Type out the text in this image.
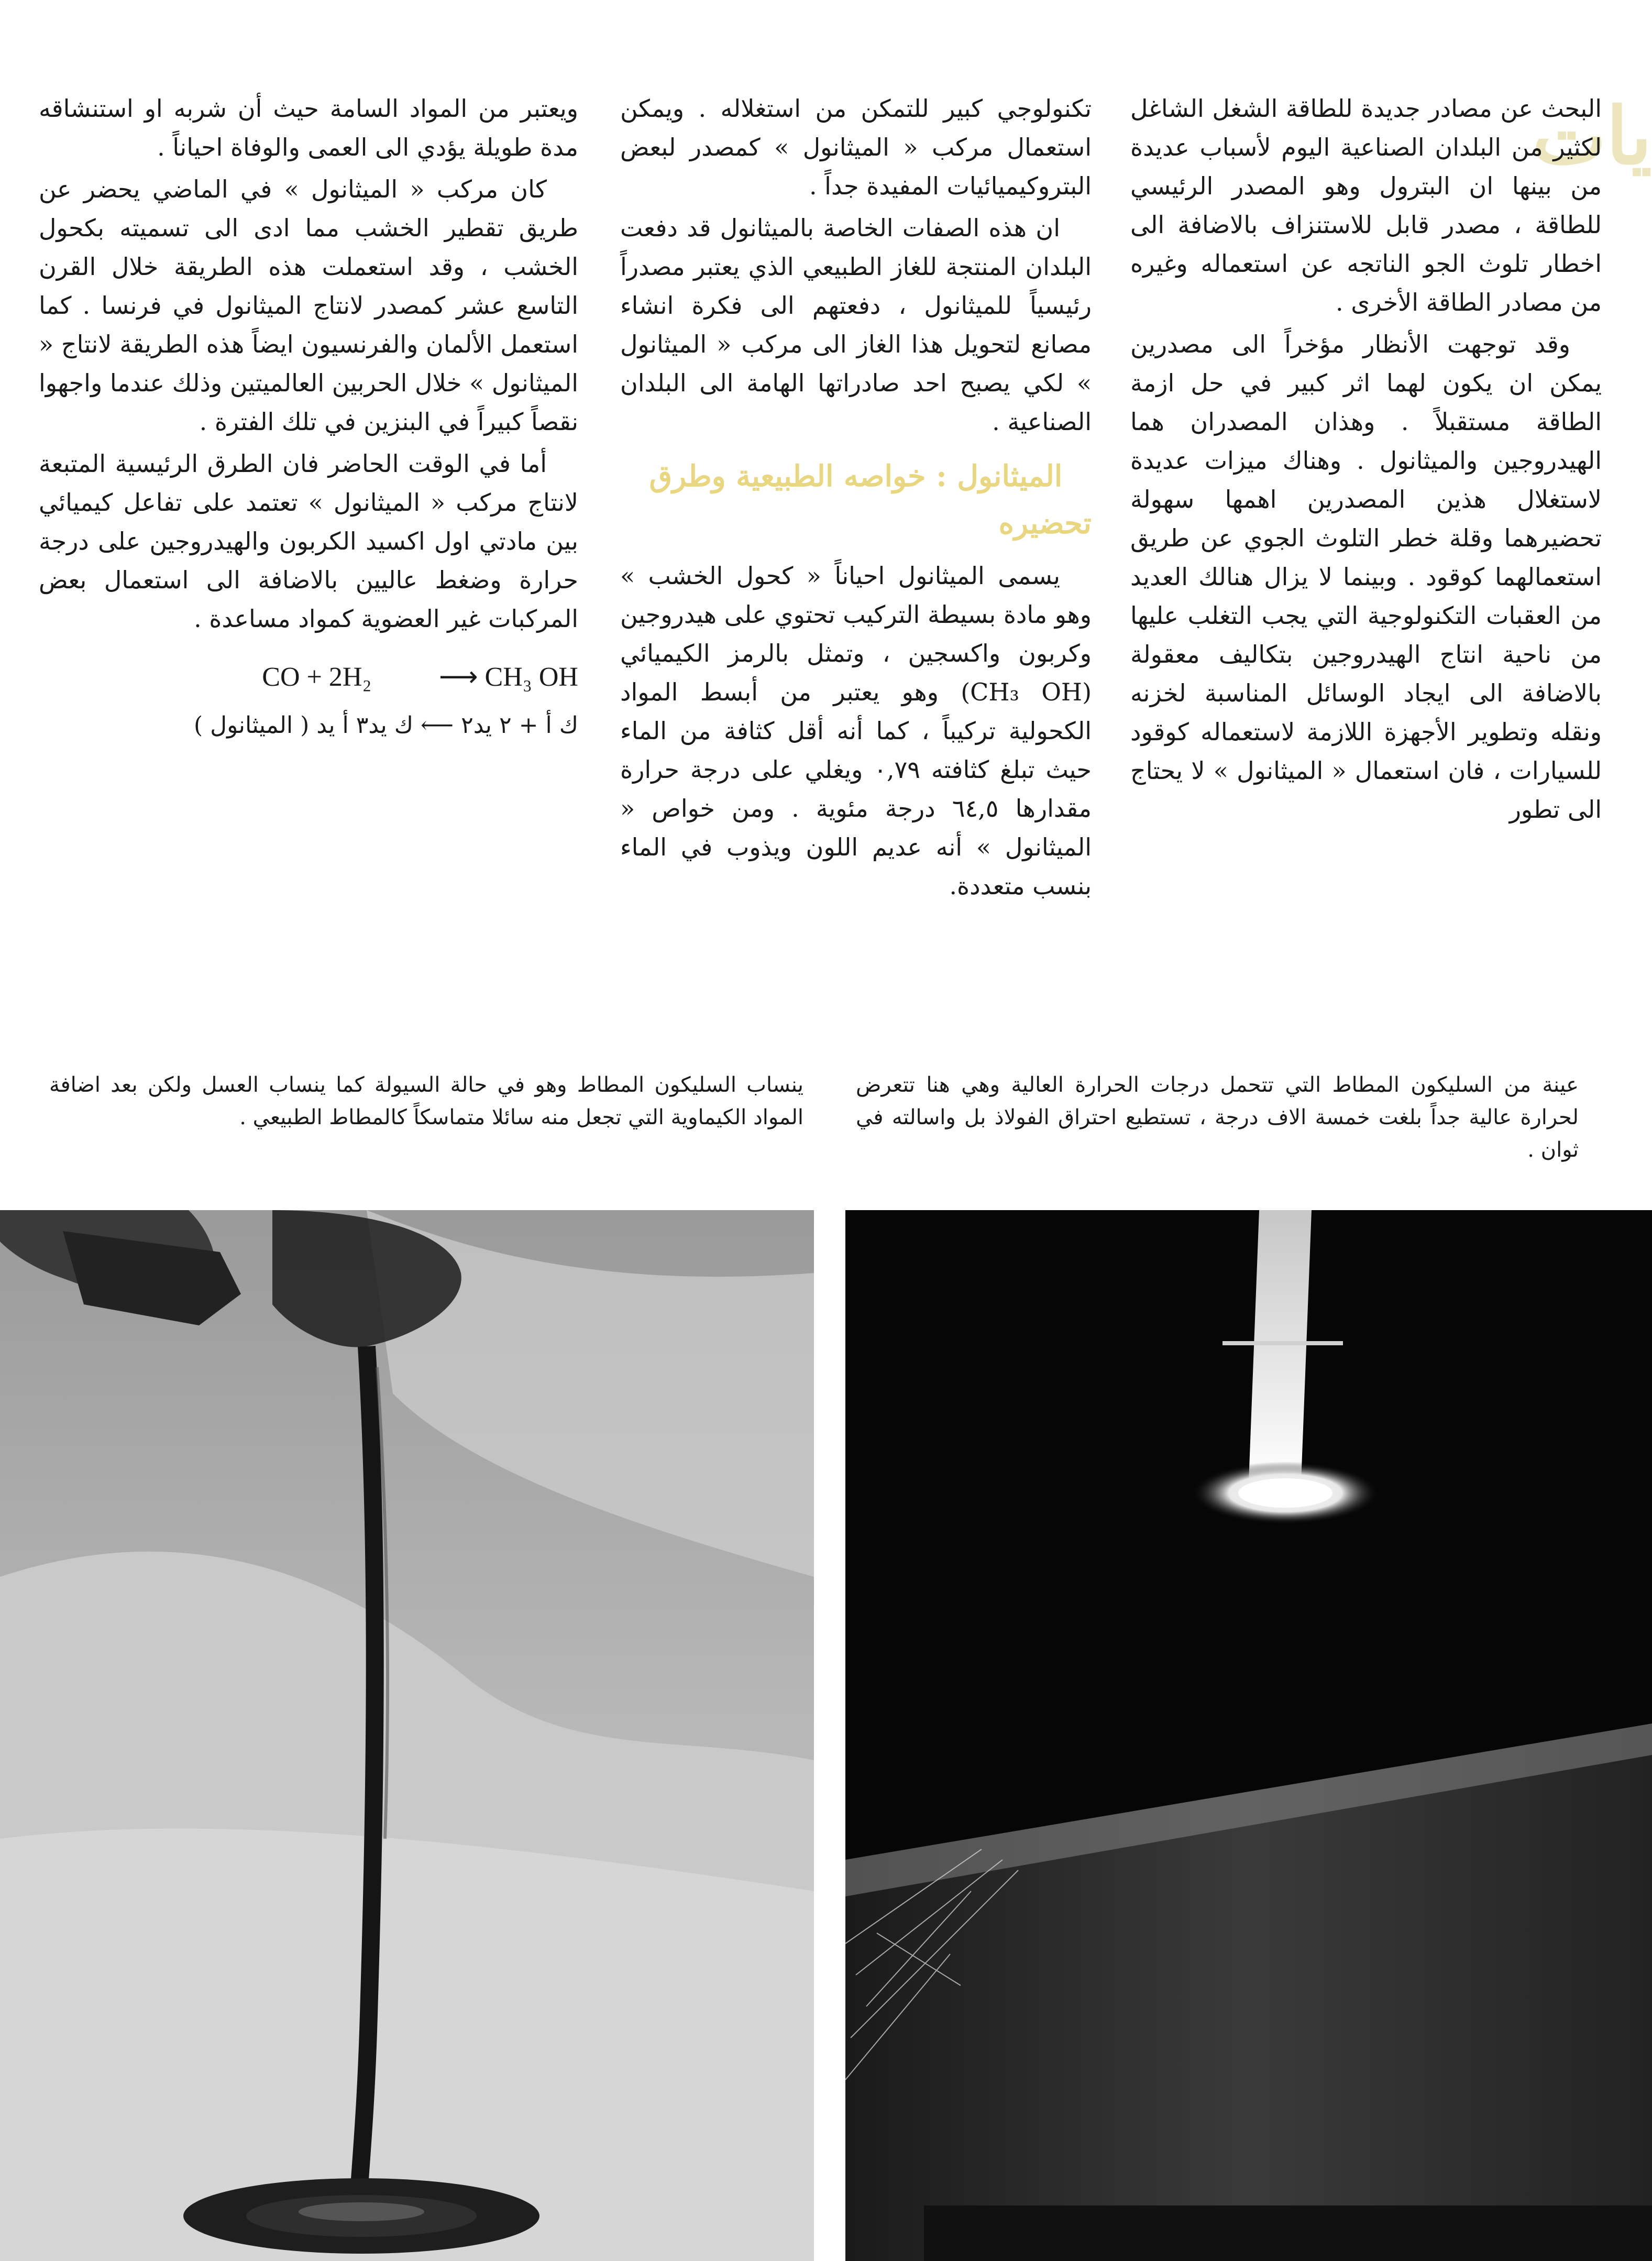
يات

البحث عن مصادر جديدة للطاقة الشغل الشاغل لكثير من البلدان الصناعية اليوم لأسباب عديدة من بينها ان البترول وهو المصدر الرئيسي للطاقة ، مصدر قابل للاستنزاف بالاضافة الى اخطار تلوث الجو الناتجه عن استعماله وغيره من مصادر الطاقة الأخرى .

وقد توجهت الأنظار مؤخراً الى مصدرين يمكن ان يكون لهما اثر كبير في حل ازمة الطاقة مستقبلاً . وهذان المصدران هما الهيدروجين والميثانول . وهناك ميزات عديدة لاستغلال هذين المصدرين اهمها سهولة تحضيرهما وقلة خطر التلوث الجوي عن طريق استعمالهما كوقود . وبينما لا يزال هنالك العديد من العقبات التكنولوجية التي يجب التغلب عليها من ناحية انتاج الهيدروجين بتكاليف معقولة بالاضافة الى ايجاد الوسائل المناسبة لخزنه ونقله وتطوير الأجهزة اللازمة لاستعماله كوقود للسيارات ، فان استعمال « الميثانول » لا يحتاج الى تطور

تكنولوجي كبير للتمكن من استغلاله . ويمكن استعمال مركب « الميثانول » كمصدر لبعض البتروكيميائيات المفيدة جداً .

ان هذه الصفات الخاصة بالميثانول قد دفعت البلدان المنتجة للغاز الطبيعي الذي يعتبر مصدراً رئيسياً للميثانول ، دفعتهم الى فكرة انشاء مصانع لتحويل هذا الغاز الى مركب « الميثانول » لكي يصبح احد صادراتها الهامة الى البلدان الصناعية .

الميثانول : خواصه الطبيعية وطرق تحضيره

يسمى الميثانول احياناً « كحول الخشب » وهو مادة بسيطة التركيب تحتوي على هيدروجين وكربون واكسجين ، وتمثل بالرمز الكيميائي (CH₃ OH) وهو يعتبر من أبسط المواد الكحولية تركيباً ، كما أنه أقل كثافة من الماء حيث تبلغ كثافته ٠,٧٩ ويغلي على درجة حرارة مقدارها ٦٤,٥ درجة مئوية . ومن خواص « الميثانول » أنه عديم اللون ويذوب في الماء بنسب متعددة.

ويعتبر من المواد السامة حيث أن شربه او استنشاقه مدة طويلة يؤدي الى العمى والوفاة احياناً .

كان مركب « الميثانول » في الماضي يحضر عن طريق تقطير الخشب مما ادى الى تسميته بكحول الخشب ، وقد استعملت هذه الطريقة خلال القرن التاسع عشر كمصدر لانتاج الميثانول في فرنسا . كما استعمل الألمان والفرنسيون ايضاً هذه الطريقة لانتاج « الميثانول » خلال الحربين العالميتين وذلك عندما واجهوا نقصاً كبيراً في البنزين في تلك الفترة .

أما في الوقت الحاضر فان الطرق الرئيسية المتبعة لانتاج مركب « الميثانول » تعتمد على تفاعل كيميائي بين مادتي اول اكسيد الكربون والهيدروجين على درجة حرارة وضغط عاليين بالاضافة الى استعمال بعض المركبات غير العضوية كمواد مساعدة .

CO + 2H₂ ⟶ CH₃ OH
ك أ + ٢ يد٢ ⟵ ك يد٣ أ يد ( الميثانول )
عينة من السليكون المطاط التي تتحمل درجات الحرارة العالية وهي هنا تتعرض لحرارة عالية جداً بلغت خمسة الاف درجة ، تستطيع احتراق الفولاذ بل واسالته في ثوان .
ينساب السليكون المطاط وهو في حالة السيولة كما ينساب العسل ولكن بعد اضافة المواد الكيماوية التي تجعل منه سائلا متماسكاً كالمطاط الطبيعي .
